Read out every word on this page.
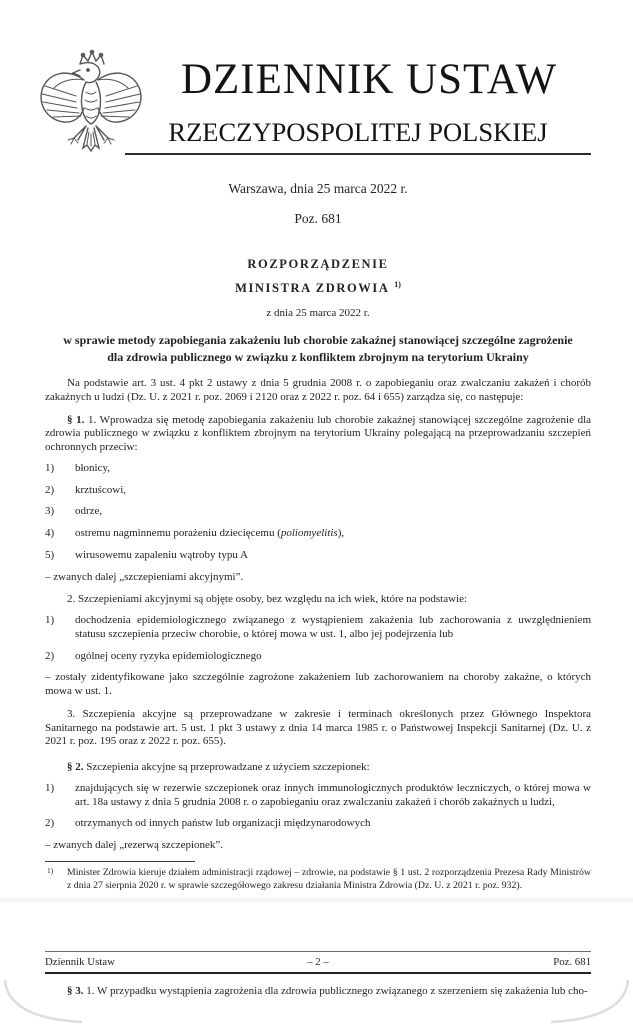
DZIENNIK USTAW
RZECZYPOSPOLITEJ POLSKIEJ

Warszawa, dnia 25 marca 2022 r.

Poz. 681

ROZPORZĄDZENIE

MINISTRA ZDROWIA $^{1)}$

z dnia 25 marca 2022 r.

w sprawie metody zapobiegania zakażeniu lub chorobie zakaźnej stanowiącej szczególne zagrożenie
dla zdrowia publicznego w związku z konfliktem zbrojnym na terytorium Ukrainy

Na podstawie art. 3 ust. 4 pkt 2 ustawy z dnia 5 grudnia 2008 r. o zapobieganiu oraz zwalczaniu zakażeń i chorób zakaźnych u ludzi (Dz. U. z 2021 r. poz. 2069 i 2120 oraz z 2022 r. poz. 64 i 655) zarządza się, co następuje:

§ 1. 1. Wprowadza się metodę zapobiegania zakażeniu lub chorobie zakaźnej stanowiącej szczególne zagrożenie dla zdrowia publicznego w związku z konfliktem zbrojnym na terytorium Ukrainy polegającą na przeprowadzaniu szczepień ochronnych przeciw:

1) błonicy,
2) krztuścowi,
3) odrze,
4) ostremu nagminnemu porażeniu dziecięcemu (poliomyelitis),
5) wirusowemu zapaleniu wątroby typu A

– zwanych dalej „szczepieniami akcyjnymi”.

2. Szczepieniami akcyjnymi są objęte osoby, bez względu na ich wiek, które na podstawie:

1) dochodzenia epidemiologicznego związanego z wystąpieniem zakażenia lub zachorowania z uwzględnieniem statusu szczepienia przeciw chorobie, o której mowa w ust. 1, albo jej podejrzenia lub
2) ogólnej oceny ryzyka epidemiologicznego

– zostały zidentyfikowane jako szczególnie zagrożone zakażeniem lub zachorowaniem na choroby zakaźne, o których mowa w ust. 1.

3. Szczepienia akcyjne są przeprowadzane w zakresie i terminach określonych przez Głównego Inspektora Sanitarnego na podstawie art. 5 ust. 1 pkt 3 ustawy z dnia 14 marca 1985 r. o Państwowej Inspekcji Sanitarnej (Dz. U. z 2021 r. poz. 195 oraz z 2022 r. poz. 655).

§ 2. Szczepienia akcyjne są przeprowadzane z użyciem szczepionek:

1) znajdujących się w rezerwie szczepionek oraz innych immunologicznych produktów leczniczych, o której mowa w art. 18a ustawy z dnia 5 grudnia 2008 r. o zapobieganiu oraz zwalczaniu zakażeń i chorób zakaźnych u ludzi,
2) otrzymanych od innych państw lub organizacji międzynarodowych

– zwanych dalej „rezerwą szczepionek”.

1) Minister Zdrowia kieruje działem administracji rządowej – zdrowie, na podstawie § 1 ust. 2 rozporządzenia Prezesa Rady Ministrów z dnia 27 sierpnia 2020 r. w sprawie szczegółowego zakresu działania Ministra Zdrowia (Dz. U. z 2021 r. poz. 932).
Dziennik Ustaw	– 2 –	Poz. 681

§ 3. 1. W przypadku wystąpienia zagrożenia dla zdrowia publicznego związanego z szerzeniem się zakażenia lub cho-
